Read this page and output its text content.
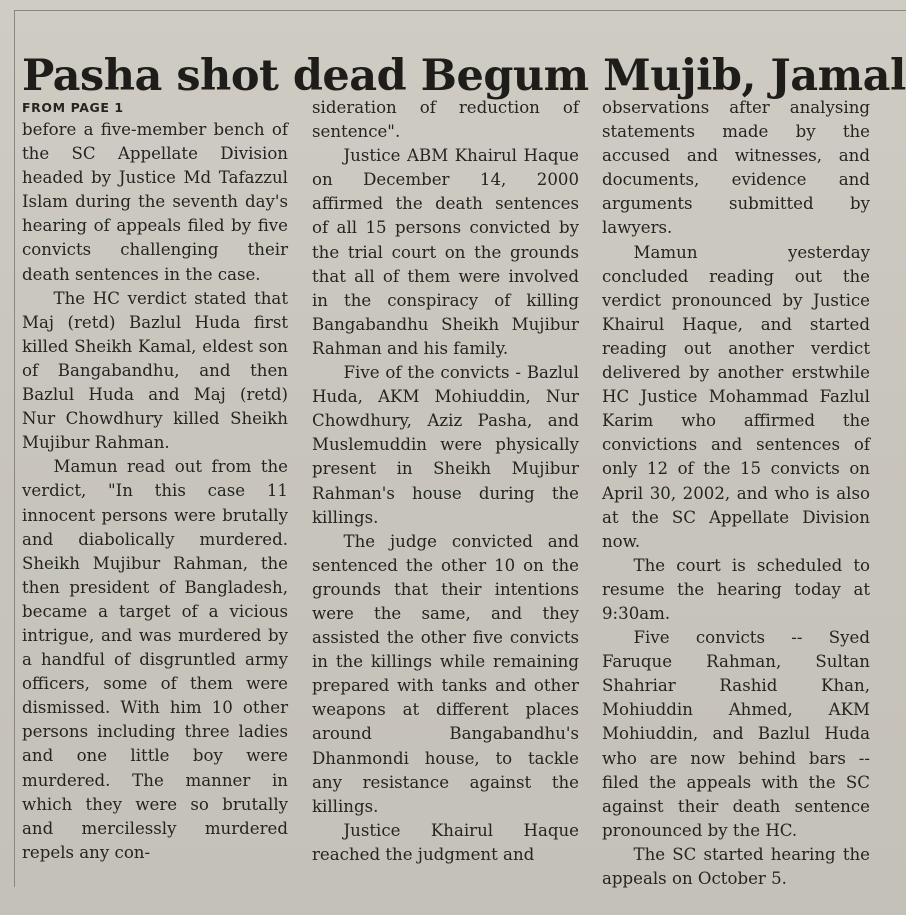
Pasha shot dead Begum Mujib, Jamal
FROM PAGE 1

before a five-member bench of the SC Appellate Division headed by Justice Md Tafazzul Islam during the seventh day's hearing of appeals filed by five convicts challenging their death sentences in the case.

The HC verdict stated that Maj (retd) Bazlul Huda first killed Sheikh Kamal, eldest son of Bangabandhu, and then Bazlul Huda and Maj (retd) Nur Chowdhury killed Sheikh Mujibur Rahman.

Mamun read out from the verdict, "In this case 11 innocent persons were brutally and diabolically murdered. Sheikh Mujibur Rahman, the then president of Bangladesh, became a target of a vicious intrigue, and was murdered by a handful of disgruntled army officers, some of them were dismissed. With him 10 other persons including three ladies and one little boy were murdered. The manner in which they were so brutally and mercilessly murdered repels any con-

sideration of reduction of sentence".

Justice ABM Khairul Haque on December 14, 2000 affirmed the death sentences of all 15 persons convicted by the trial court on the grounds that all of them were involved in the conspiracy of killing Bangabandhu Sheikh Mujibur Rahman and his family.

Five of the convicts - Bazlul Huda, AKM Mohiuddin, Nur Chowdhury, Aziz Pasha, and Muslemuddin were physically present in Sheikh Mujibur Rahman's house during the killings.

The judge convicted and sentenced the other 10 on the grounds that their intentions were the same, and they assisted the other five convicts in the killings while remaining prepared with tanks and other weapons at different places around Bangabandhu's Dhanmondi house, to tackle any resistance against the killings.

Justice Khairul Haque reached the judgment and

observations after analysing statements made by the accused and witnesses, and documents, evidence and arguments submitted by lawyers.

Mamun yesterday concluded reading out the verdict pronounced by Justice Khairul Haque, and started reading out another verdict delivered by another erstwhile HC Justice Mohammad Fazlul Karim who affirmed the convictions and sentences of only 12 of the 15 convicts on April 30, 2002, and who is also at the SC Appellate Division now.

The court is scheduled to resume the hearing today at 9:30am.

Five convicts -- Syed Faruque Rahman, Sultan Shahriar Rashid Khan, Mohiuddin Ahmed, AKM Mohiuddin, and Bazlul Huda who are now behind bars -- filed the appeals with the SC against their death sentence pronounced by the HC.

The SC started hearing the appeals on October 5.
